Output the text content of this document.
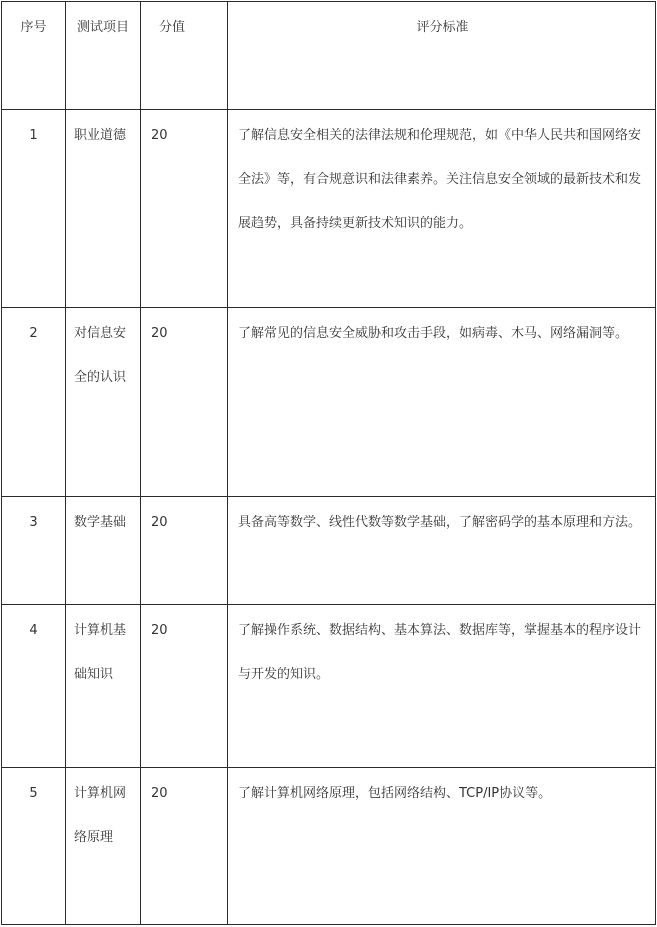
序号	测试项目	分值	评分标准
1	职业道德	20	了解信息安全相关的法律法规和伦理规范，如《中华人民共和国网络安全法》等，有合规意识和法律素养。关注信息安全领域的最新技术和发展趋势，具备持续更新技术知识的能力。
2	对信息安全的认识	20	了解常见的信息安全威胁和攻击手段，如病毒、木马、网络漏洞等。
3	数学基础	20	具备高等数学、线性代数等数学基础，了解密码学的基本原理和方法。
4	计算机基础知识	20	了解操作系统、数据结构、基本算法、数据库等，掌握基本的程序设计与开发的知识。
5	计算机网络原理	20	了解计算机网络原理，包括网络结构、TCP/IP协议等。
